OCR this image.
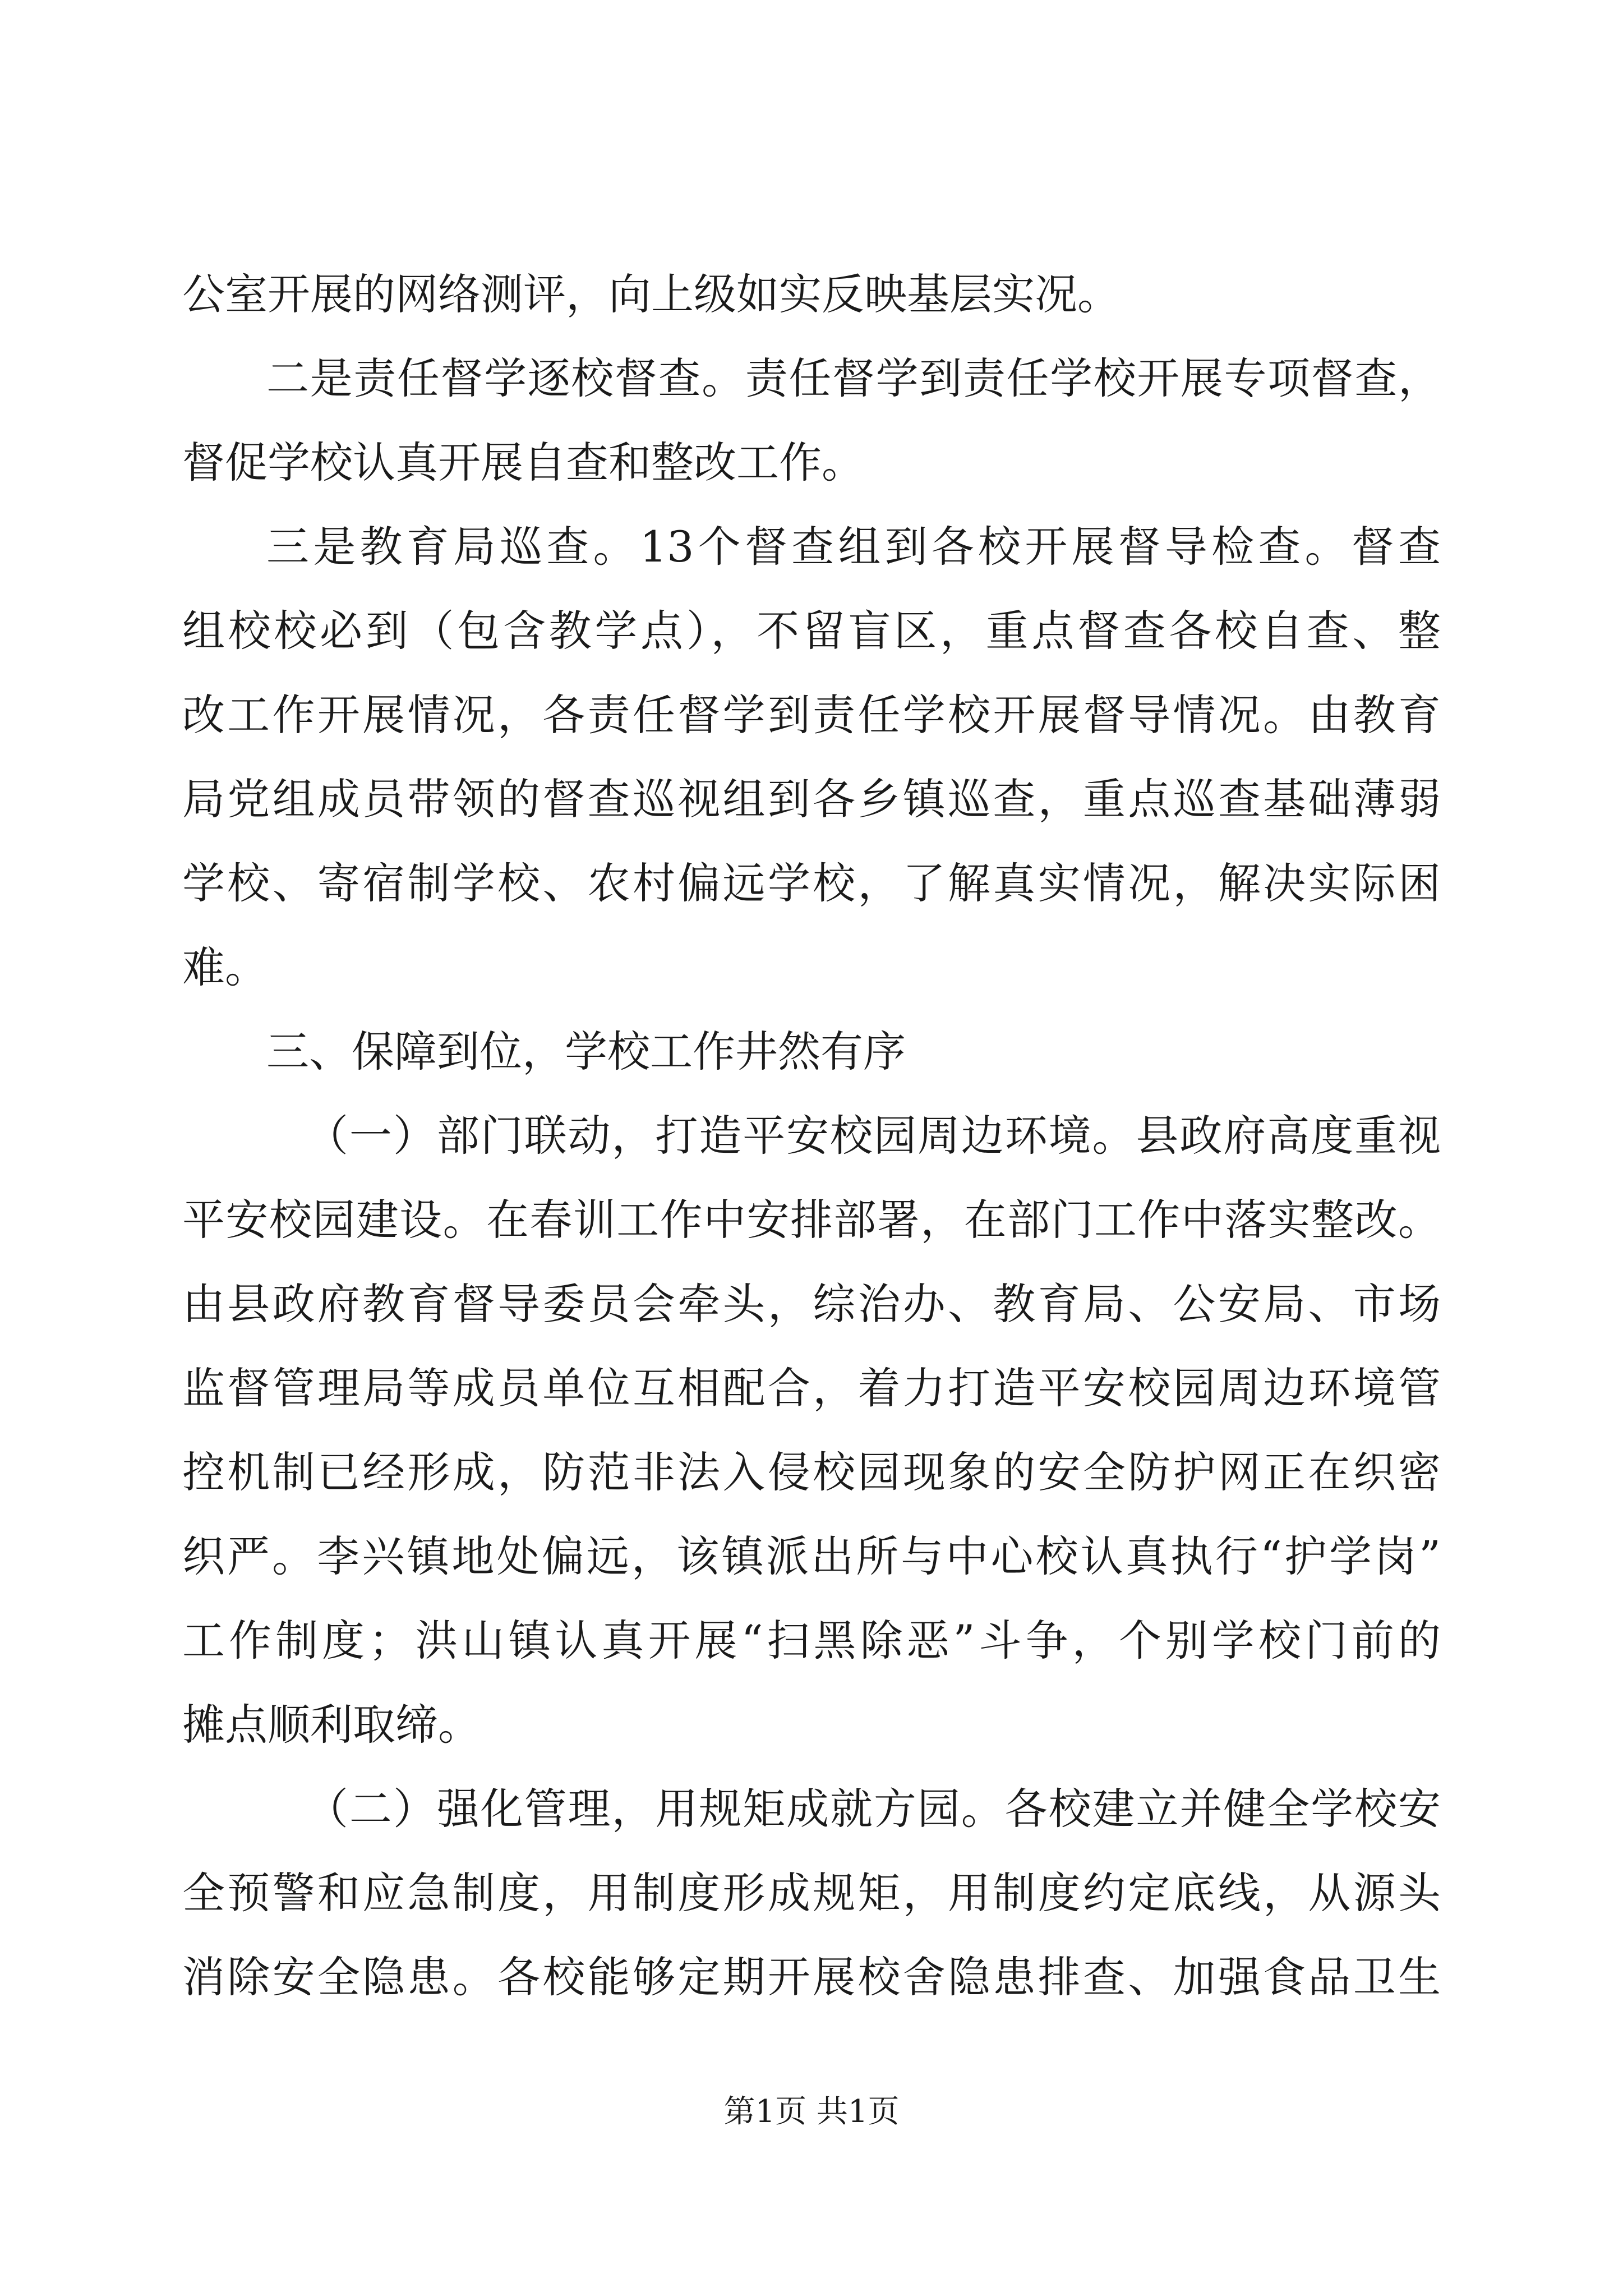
公室开展的网络测评，向上级如实反映基层实况。

二是责任督学逐校督查。责任督学到责任学校开展专项督查，

督促学校认真开展自查和整改工作。

三是教育局巡查。13个督查组到各校开展督导检查。督查

组校校必到（包含教学点），不留盲区，重点督查各校自查、整

改工作开展情况，各责任督学到责任学校开展督导情况。由教育

局党组成员带领的督查巡视组到各乡镇巡查，重点巡查基础薄弱

学校、寄宿制学校、农村偏远学校，了解真实情况，解决实际困

难。

三、保障到位，学校工作井然有序

（一）部门联动，打造平安校园周边环境。县政府高度重视

平安校园建设。在春训工作中安排部署，在部门工作中落实整改。

由县政府教育督导委员会牵头，综治办、教育局、公安局、市场

监督管理局等成员单位互相配合，着力打造平安校园周边环境管

控机制已经形成，防范非法入侵校园现象的安全防护网正在织密

织严。李兴镇地处偏远，该镇派出所与中心校认真执行“护学岗”

工作制度；洪山镇认真开展“扫黑除恶”斗争，个别学校门前的

摊点顺利取缔。

（二）强化管理，用规矩成就方园。各校建立并健全学校安

全预警和应急制度，用制度形成规矩，用制度约定底线，从源头

消除安全隐患。各校能够定期开展校舍隐患排查、加强食品卫生

第1页 共1页
